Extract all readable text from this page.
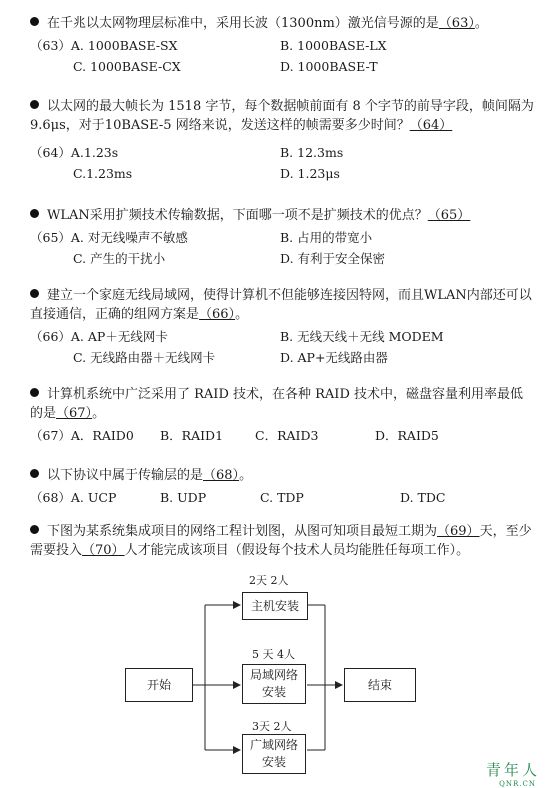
在千兆以太网物理层标准中，采用长波（1300nm）激光信号源的是（63）。
（63）A. 1000BASE-SX	B. 1000BASE-LX
C. 1000BASE-CX	D. 1000BASE-T
以太网的最大帧长为 1518 字节，每个数据帧前面有 8 个字节的前导字段，帧间隔为 9.6μs，对于10BASE-5 网络来说，发送这样的帧需要多少时间？（64）
（64）A.1.23s	B. 12.3ms
C.1.23ms	D. 1.23μs
WLAN采用扩频技术传输数据，下面哪一项不是扩频技术的优点？（65）
（65）A. 对无线噪声不敏感	B. 占用的带宽小
C. 产生的干扰小	D. 有利于安全保密
建立一个家庭无线局域网，使得计算机不但能够连接因特网，而且WLAN内部还可以直接通信，正确的组网方案是（66）。
（66）A. AP＋无线网卡	B. 无线天线＋无线 MODEM
C. 无线路由器＋无线网卡	D. AP+无线路由器
计算机系统中广泛采用了 RAID 技术，在各种 RAID 技术中，磁盘容量利用率最低的是（67）。
（67）A．RAID0	B．RAID1	C．RAID3	D．RAID5
以下协议中属于传输层的是（68）。
（68）A. UCP	B. UDP	C. TDP	D. TDC
下图为某系统集成项目的网络工程计划图，从图可知项目最短工期为（69）天，至少需要投入（70）人才能完成该项目（假设每个技术人员均能胜任每项工作）。
开始
2天 2人
主机安装
5 天 4人
局域网络安装
3天 2人
广域网络安装
结束
青年人
QNR.CN
